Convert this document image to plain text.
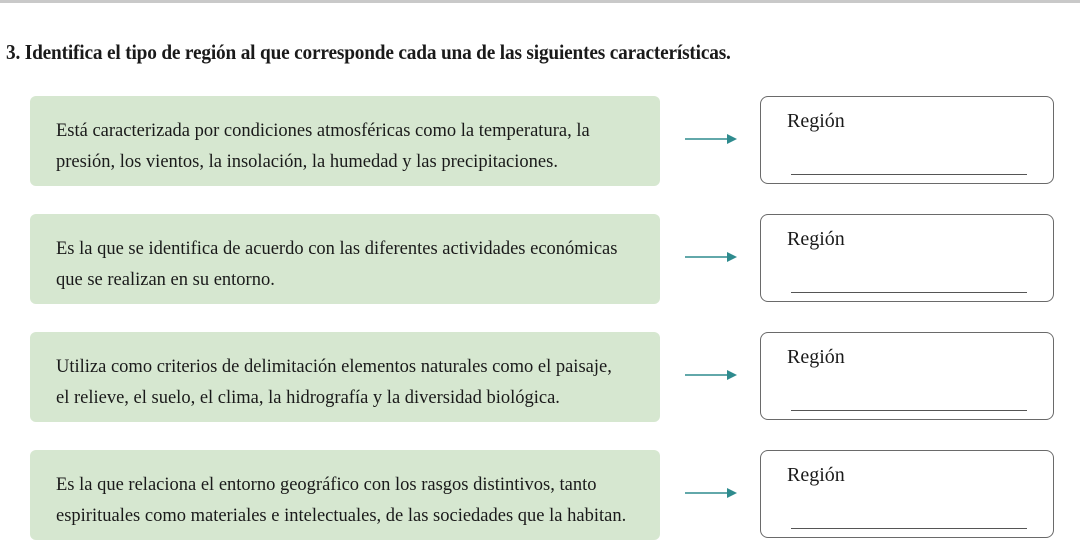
3. Identifica el tipo de región al que corresponde cada una de las siguientes características.
Está caracterizada por condiciones atmosféricas como la temperatura, la
presión, los vientos, la insolación, la humedad y las precipitaciones.
Región
Es la que se identifica de acuerdo con las diferentes actividades económicas
que se realizan en su entorno.
Región
Utiliza como criterios de delimitación elementos naturales como el paisaje,
el relieve, el suelo, el clima, la hidrografía y la diversidad biológica.
Región
Es la que relaciona el entorno geográfico con los rasgos distintivos, tanto
espirituales como materiales e intelectuales, de las sociedades que la habitan.
Región
